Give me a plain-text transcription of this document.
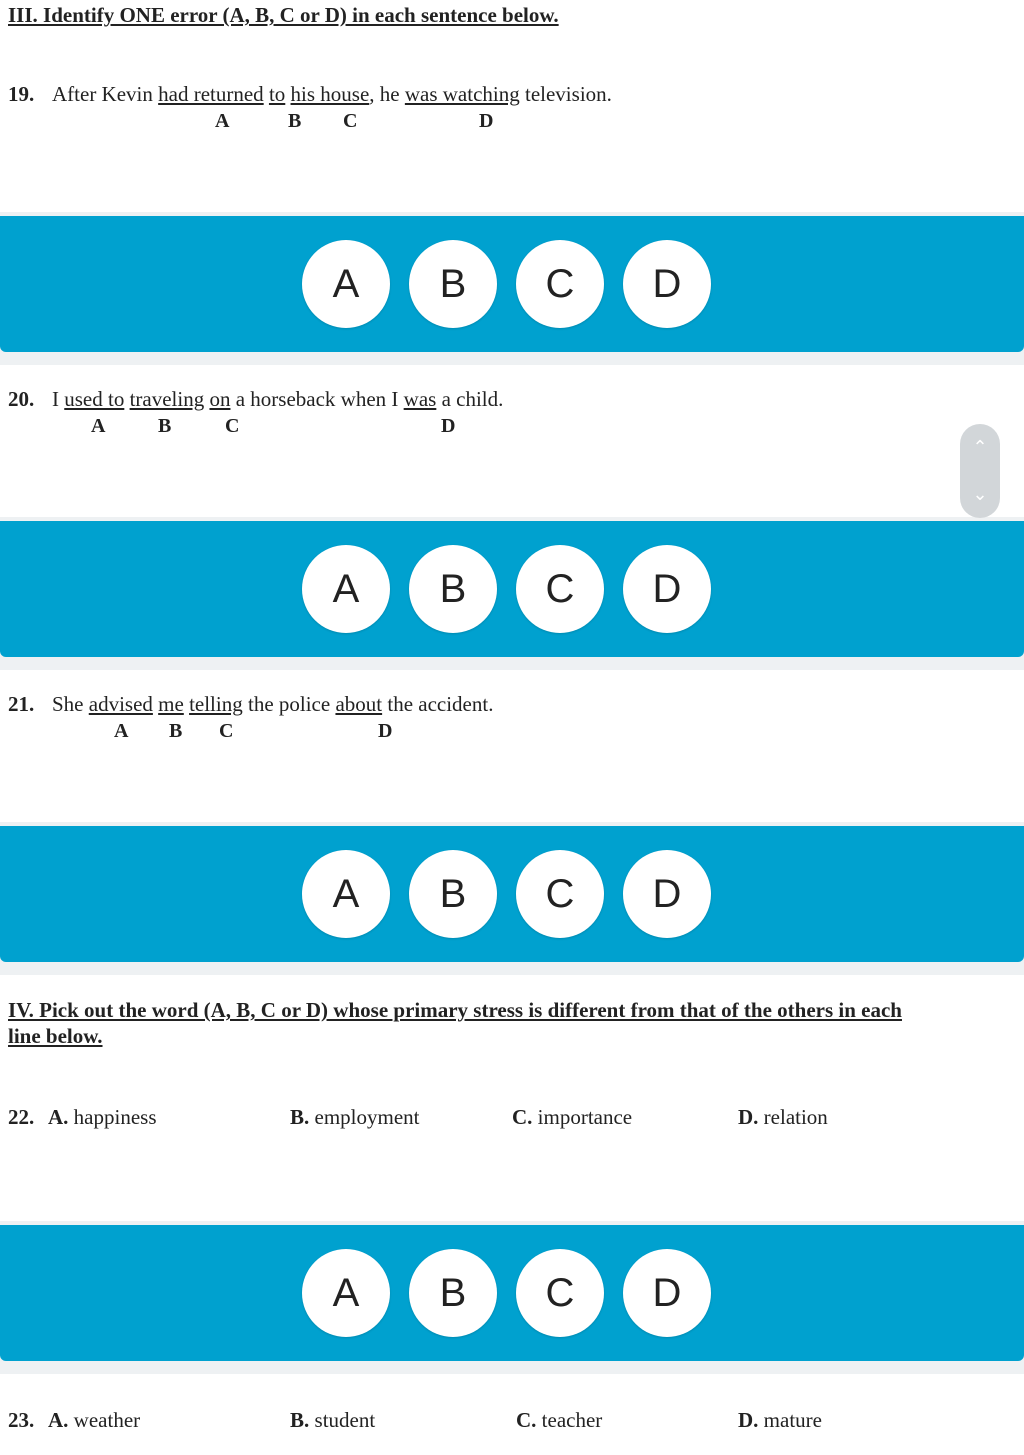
III. Identify ONE error (A, B, C or D) in each sentence below.
19. After Kevin had returned to his house, he was watching television.
A	B C	D
A	B	C	D
20. I used to traveling on a horseback when I was a child.
A	B	C	D
A	B	C	D
21. She advised me telling the police about the accident.
A B C	D
A	B	C	D
IV. Pick out the word (A, B, C or D) whose primary stress is different from that of the others in each
line below.
22. A. happiness	B. employment	C. importance	D. relation
A	B	C	D
23. A. weather	B. student	C. teacher	D. mature
⌃
⌄
